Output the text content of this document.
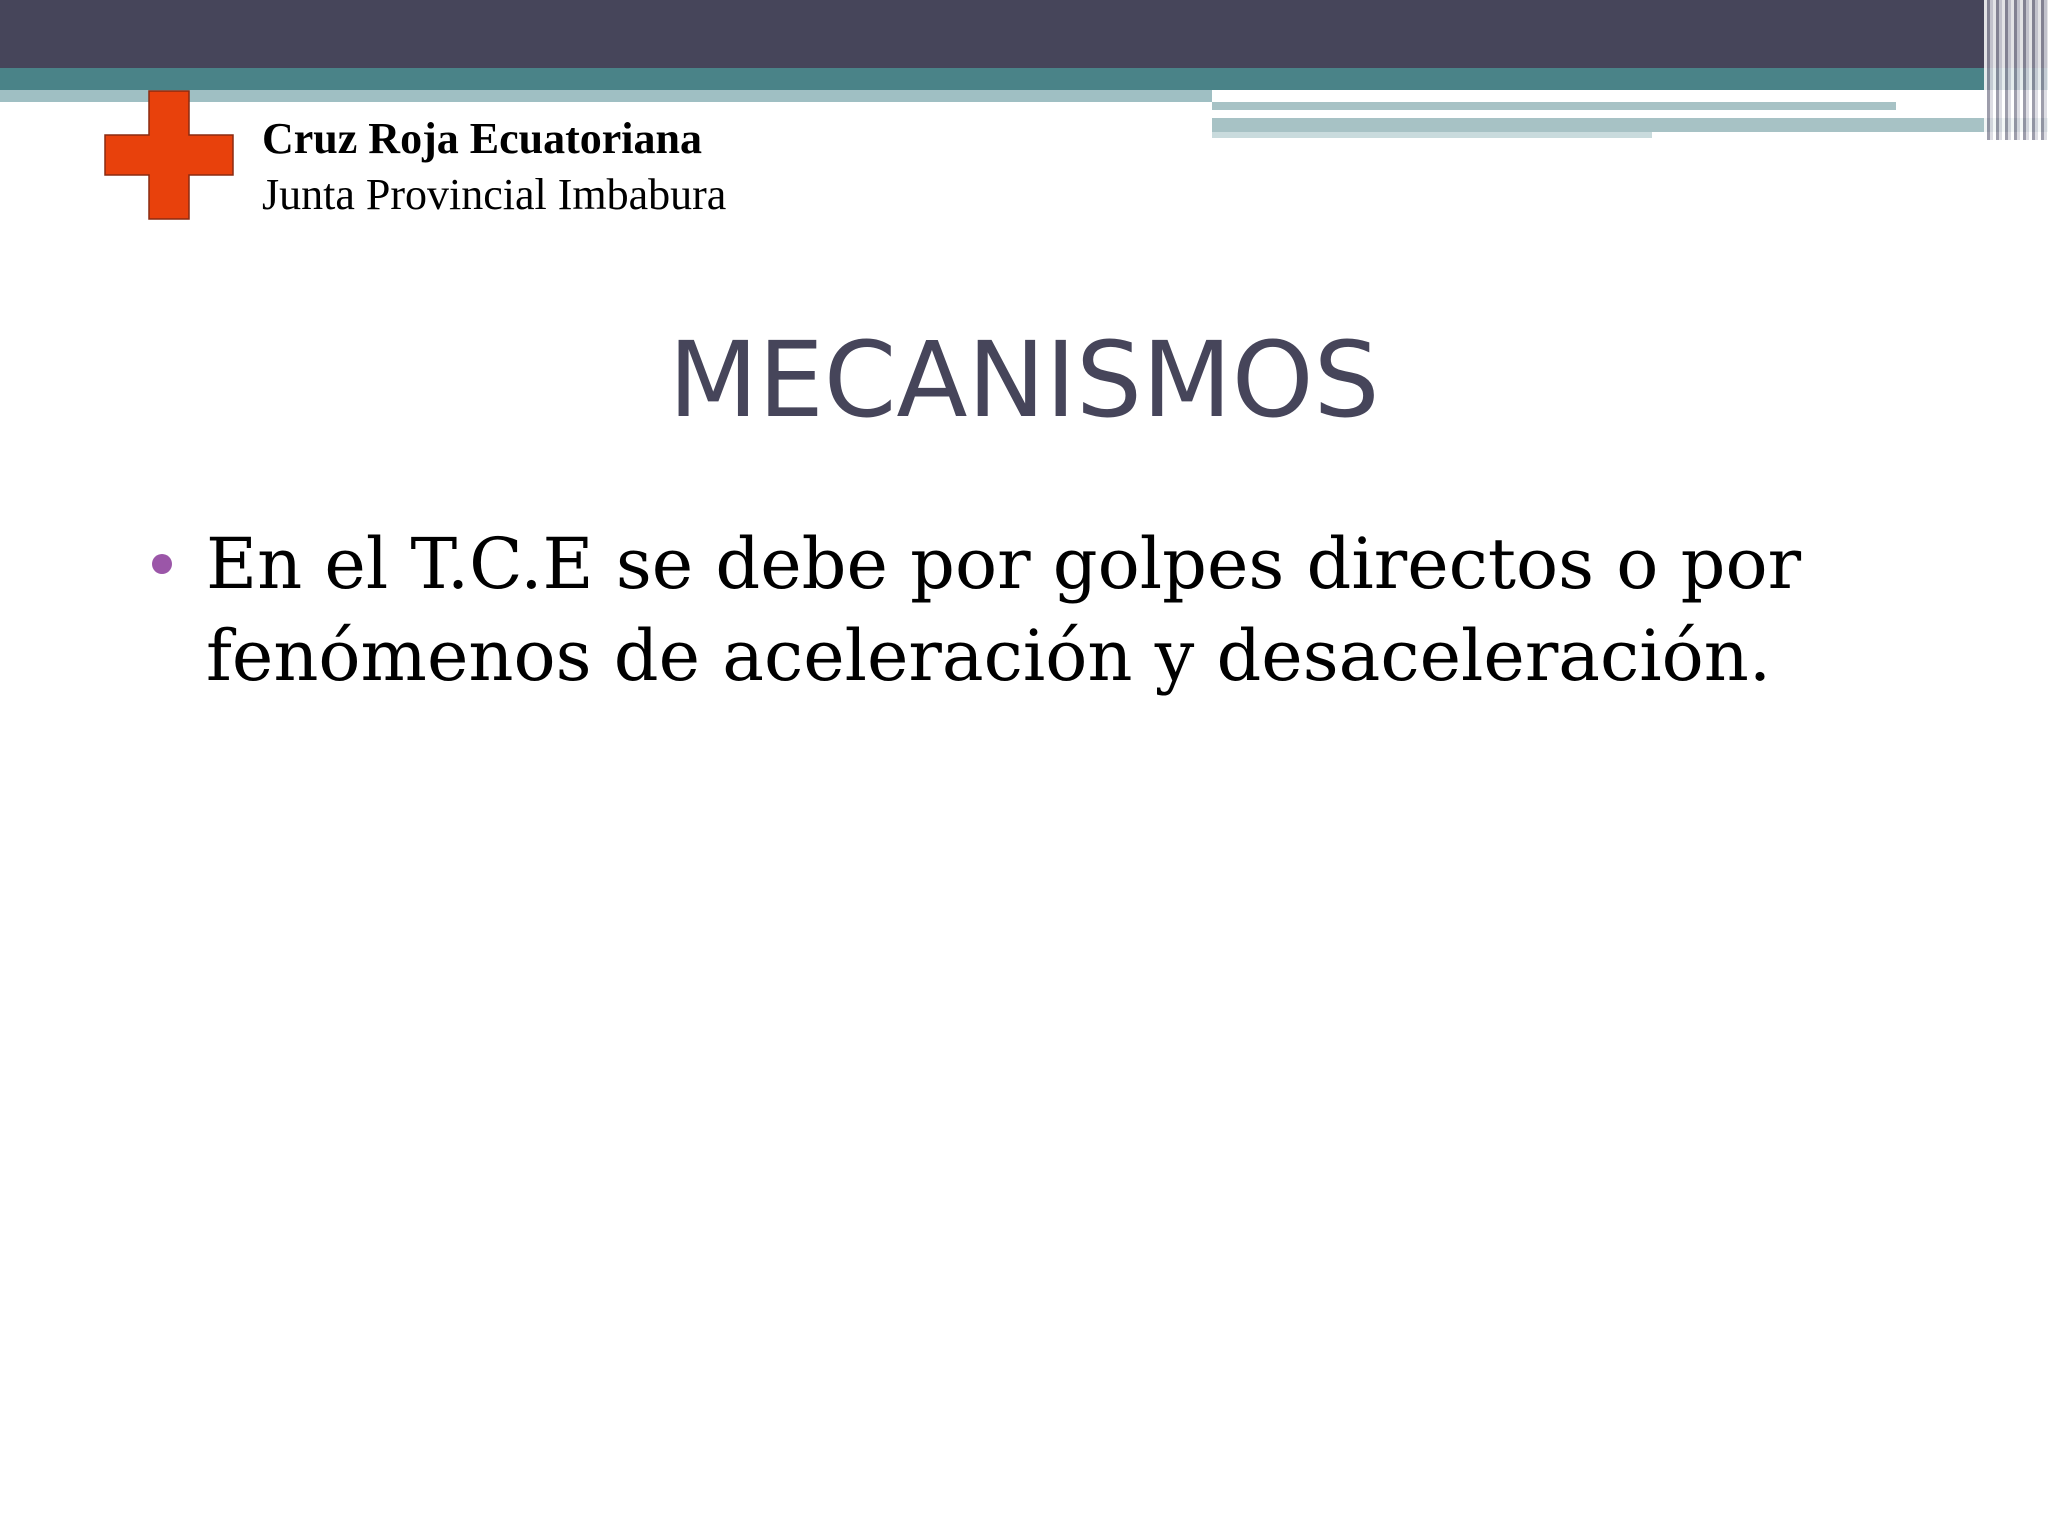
Cruz Roja Ecuatoriana
Junta Provincial Imbabura
MECANISMOS
En el T.C.E se debe por golpes directos o por fenómenos de aceleración y desaceleración.
